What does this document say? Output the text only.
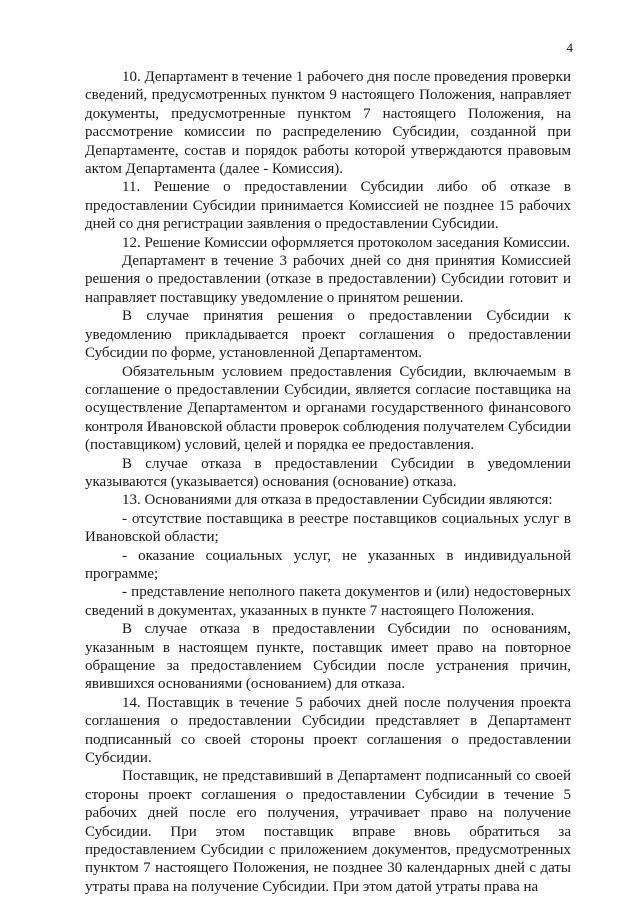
4

10. Департамент в течение 1 рабочего дня после проведения проверки сведений, предусмотренных пунктом 9 настоящего Положения, направляет документы, предусмотренные пунктом 7 настоящего Положения, на рассмотрение комиссии по распределению Субсидии, созданной при Департаменте, состав и порядок работы которой утверждаются правовым актом Департамента (далее - Комиссия).

11. Решение о предоставлении Субсидии либо об отказе в предоставлении Субсидии принимается Комиссией не позднее 15 рабочих дней со дня регистрации заявления о предоставлении Субсидии.

12. Решение Комиссии оформляется протоколом заседания Комиссии.

Департамент в течение 3 рабочих дней со дня принятия Комиссией решения о предоставлении (отказе в предоставлении) Субсидии готовит и направляет поставщику уведомление о принятом решении.

В случае принятия решения о предоставлении Субсидии к уведомлению прикладывается проект соглашения о предоставлении Субсидии по форме, установленной Департаментом.

Обязательным условием предоставления Субсидии, включаемым в соглашение о предоставлении Субсидии, является согласие поставщика на осуществление Департаментом и органами государственного финансового контроля Ивановской области проверок соблюдения получателем Субсидии (поставщиком) условий, целей и порядка ее предоставления.

В случае отказа в предоставлении Субсидии в уведомлении указываются (указывается) основания (основание) отказа.

13. Основаниями для отказа в предоставлении Субсидии являются:

- отсутствие поставщика в реестре поставщиков социальных услуг в Ивановской области;

- оказание социальных услуг, не указанных в индивидуальной программе;

- представление неполного пакета документов и (или) недостоверных сведений в документах, указанных в пункте 7 настоящего Положения.

В случае отказа в предоставлении Субсидии по основаниям, указанным в настоящем пункте, поставщик имеет право на повторное обращение за предоставлением Субсидии после устранения причин, явившихся основаниями (основанием) для отказа.

14. Поставщик в течение 5 рабочих дней после получения проекта соглашения о предоставлении Субсидии представляет в Департамент подписанный со своей стороны проект соглашения о предоставлении Субсидии.

Поставщик, не представивший в Департамент подписанный со своей стороны проект соглашения о предоставлении Субсидии в течение 5 рабочих дней после его получения, утрачивает право на получение Субсидии. При этом поставщик вправе вновь обратиться за предоставлением Субсидии с приложением документов, предусмотренных пунктом 7 настоящего Положения, не позднее 30 календарных дней с даты утраты права на получение Субсидии. При этом датой утраты права на
